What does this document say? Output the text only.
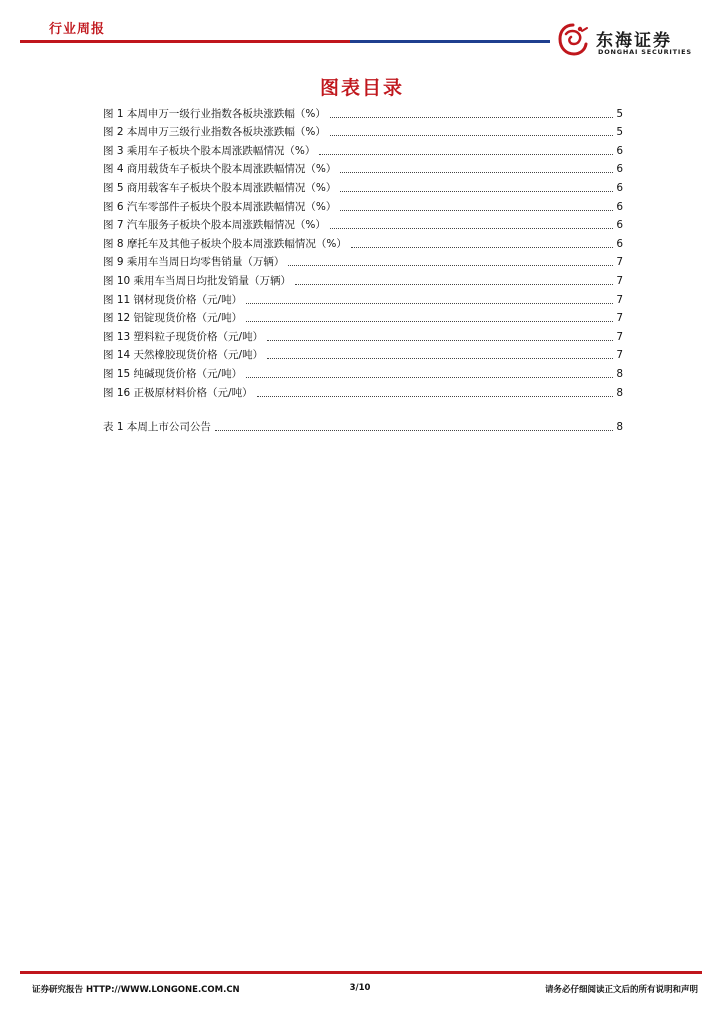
行业周报
东海证券
DONGHAI SECURITIES
图表目录
图 1 本周申万一级行业指数各板块涨跌幅（%）	5
图 2 本周申万三级行业指数各板块涨跌幅（%）	5
图 3 乘用车子板块个股本周涨跌幅情况（%）	6
图 4 商用载货车子板块个股本周涨跌幅情况（%）	6
图 5 商用载客车子板块个股本周涨跌幅情况（%）	6
图 6 汽车零部件子板块个股本周涨跌幅情况（%）	6
图 7 汽车服务子板块个股本周涨跌幅情况（%）	6
图 8 摩托车及其他子板块个股本周涨跌幅情况（%）	6
图 9 乘用车当周日均零售销量（万辆）	7
图 10 乘用车当周日均批发销量（万辆）	7
图 11 钢材现货价格（元/吨）	7
图 12 铝锭现货价格（元/吨）	7
图 13 塑料粒子现货价格（元/吨）	7
图 14 天然橡胶现货价格（元/吨）	7
图 15 纯碱现货价格（元/吨）	8
图 16 正极原材料价格（元/吨）	8
表 1 本周上市公司公告	8
证券研究报告 HTTP://WWW.LONGONE.COM.CN	3/10	请务必仔细阅读正文后的所有说明和声明
